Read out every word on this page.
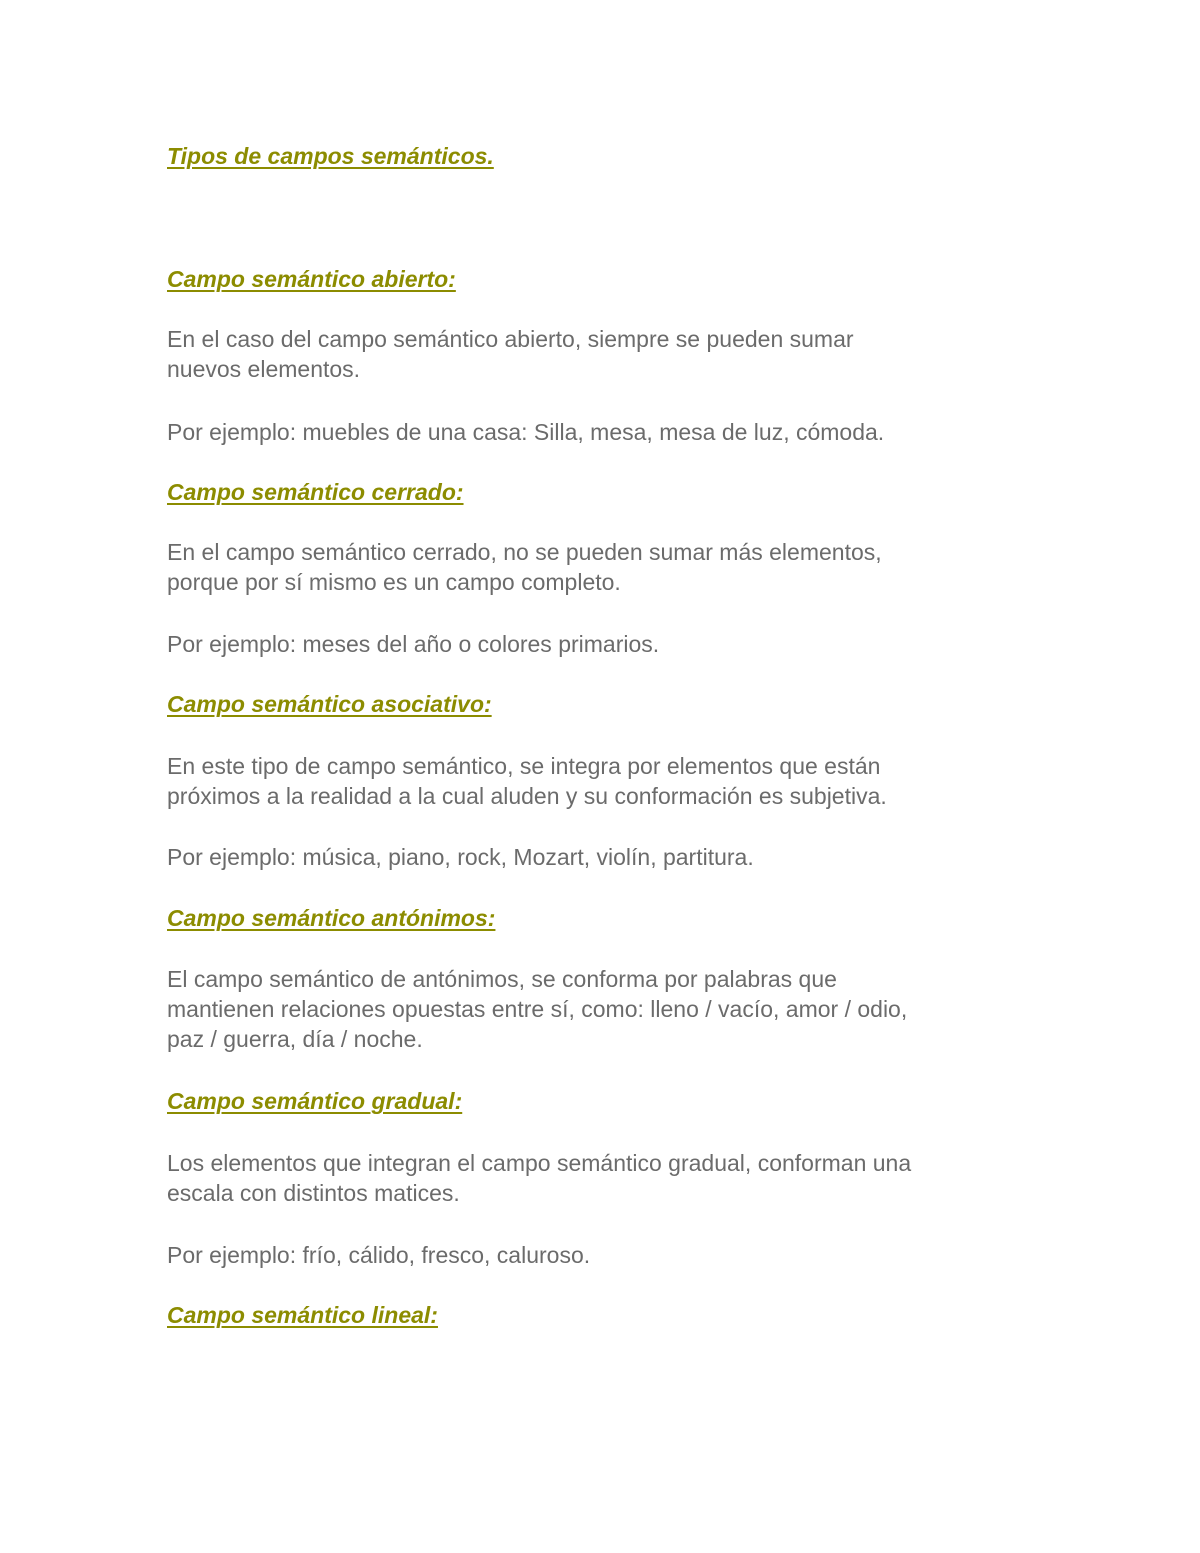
Tipos de campos semánticos.
Campo semántico abierto:

En el caso del campo semántico abierto, siempre se pueden sumar
nuevos elementos.

Por ejemplo: muebles de una casa: Silla, mesa, mesa de luz, cómoda.

Campo semántico cerrado:

En el campo semántico cerrado, no se pueden sumar más elementos,
porque por sí mismo es un campo completo.

Por ejemplo: meses del año o colores primarios.

Campo semántico asociativo:

En este tipo de campo semántico, se integra por elementos que están
próximos a la realidad a la cual aluden y su conformación es subjetiva.

Por ejemplo: música, piano, rock, Mozart, violín, partitura.

Campo semántico antónimos:

El campo semántico de antónimos, se conforma por palabras que
mantienen relaciones opuestas entre sí, como: lleno / vacío, amor / odio,
paz / guerra, día / noche.

Campo semántico gradual:

Los elementos que integran el campo semántico gradual, conforman una
escala con distintos matices.

Por ejemplo: frío, cálido, fresco, caluroso.

Campo semántico lineal:
